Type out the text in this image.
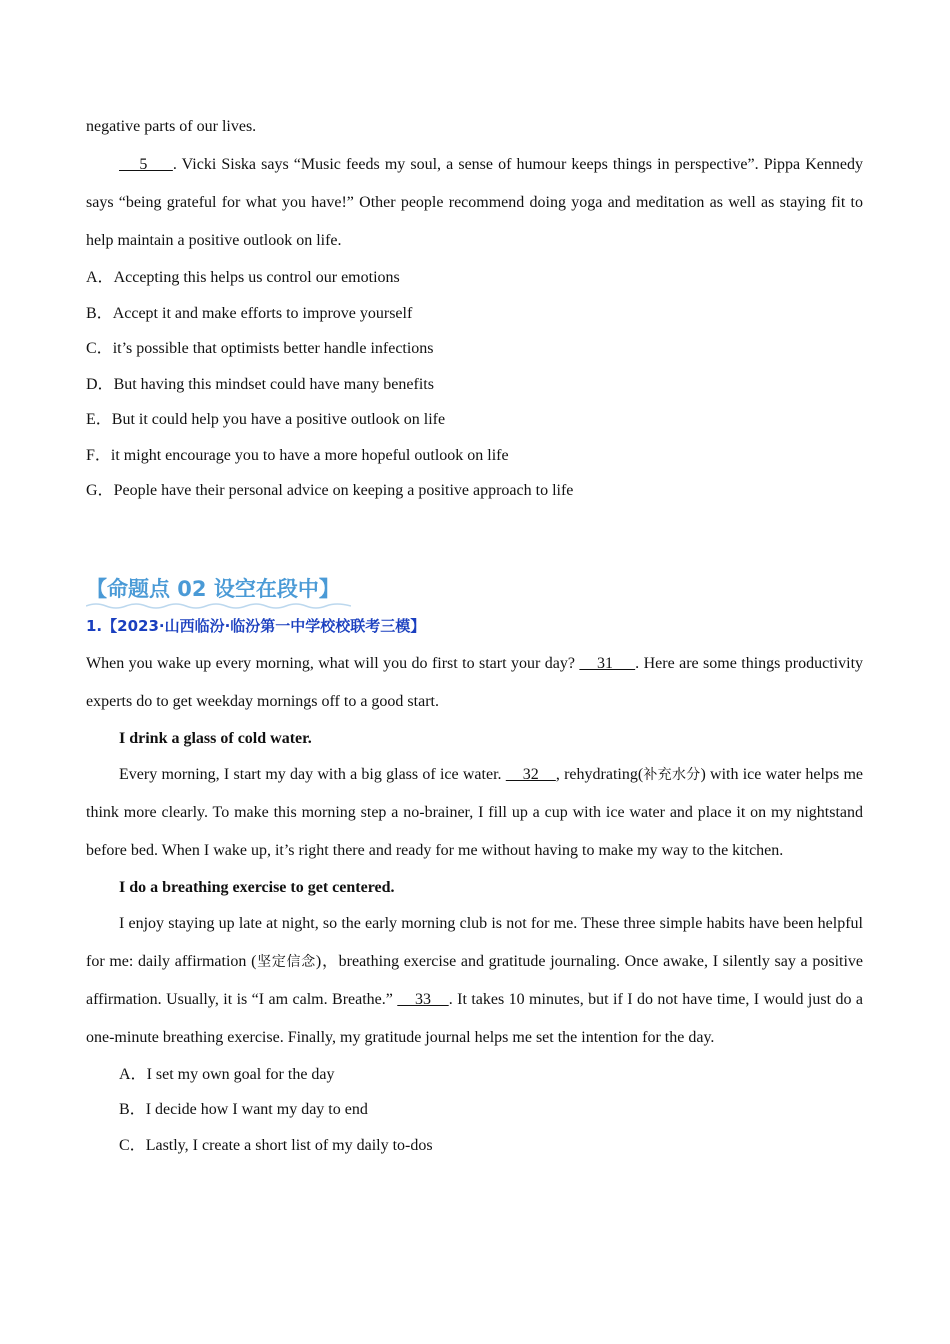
negative parts of our lives.

5     . Vicki Siska says “Music feeds my soul, a sense of humour keeps things in perspective”. Pippa Kennedy says “being grateful for what you have!” Other people recommend doing yoga and meditation as well as staying fit to help maintain a positive outlook on life.

A．Accepting this helps us control our emotions

B．Accept it and make efforts to improve yourself

C．it’s possible that optimists better handle infections

D．But having this mindset could have many benefits

E．But it could help you have a positive outlook on life

F．it might encourage you to have a more hopeful outlook on life

G．People have their personal advice on keeping a positive approach to life

【命题点 02 设空在段中】

1.【2023·山西临汾·临汾第一中学校校联考三模】

When you wake up every morning, what will you do first to start your day?     31     . Here are some things productivity experts do to get weekday mornings off to a good start.

I drink a glass of cold water.

Every morning, I start my day with a big glass of ice water.     32    , rehydrating(补充水分) with ice water helps me think more clearly. To make this morning step a no-brainer, I fill up a cup with ice water and place it on my nightstand before bed. When I wake up, it’s right there and ready for me without having to make my way to the kitchen.

I do a breathing exercise to get centered.

I enjoy staying up late at night, so the early morning club is not for me. These three simple habits have been helpful for me: daily affirmation (坚定信念)，breathing exercise and gratitude journaling. Once awake, I silently say a positive affirmation. Usually, it is “I am calm. Breathe.”     33    . It takes 10 minutes, but if I do not have time, I would just do a one-minute breathing exercise. Finally, my gratitude journal helps me set the intention for the day.

A．I set my own goal for the day

B．I decide how I want my day to end

C．Lastly, I create a short list of my daily to-dos
